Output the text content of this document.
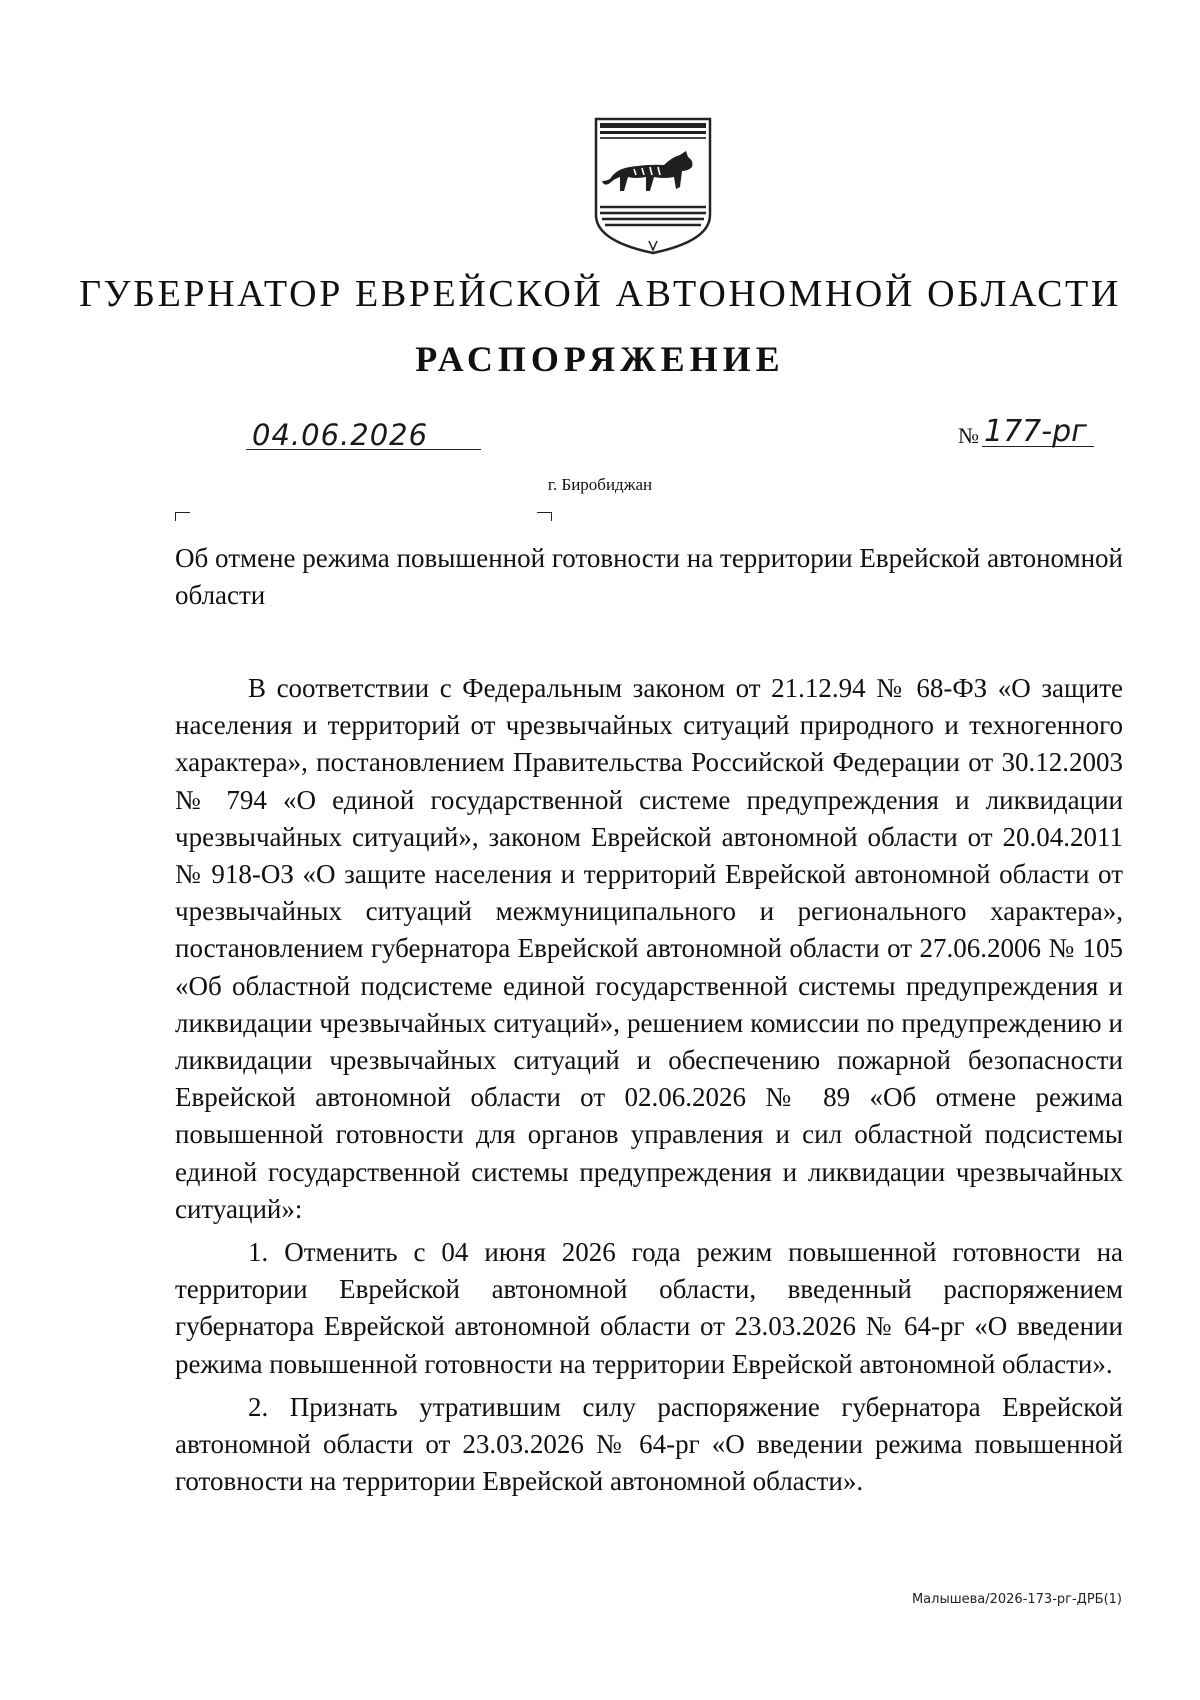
ГУБЕРНАТОР ЕВРЕЙСКОЙ АВТОНОМНОЙ ОБЛАСТИ
РАСПОРЯЖЕНИЕ
04.06.2026	№ 177-рг
г. Биробиджан
Об отмене режима повышенной готовности на территории Еврейской автономной области

В соответствии с Федеральным законом от 21.12.94 № 68-ФЗ «О защите населения и территорий от чрезвычайных ситуаций природного и техногенного характера», постановлением Правительства Российской Федерации от 30.12.2003 № 794 «О единой государственной системе предупреждения и ликвидации чрезвычайных ситуаций», законом Еврейской автономной области от 20.04.2011 № 918-ОЗ «О защите населения и территорий Еврейской автономной области от чрезвычайных ситуаций межмуниципального и регионального характера», постановлением губернатора Еврейской автономной области от 27.06.2006 № 105 «Об областной подсистеме единой государственной системы предупреждения и ликвидации чрезвычайных ситуаций», решением комиссии по предупреждению и ликвидации чрезвычайных ситуаций и обеспечению пожарной безопасности Еврейской автономной области от 02.06.2026 № 89 «Об отмене режима повышенной готовности для органов управления и сил областной подсистемы единой государственной системы предупреждения и ликвидации чрезвычайных ситуаций»:

1. Отменить с 04 июня 2026 года режим повышенной готовности на территории Еврейской автономной области, введенный распоряжением губернатора Еврейской автономной области от 23.03.2026 № 64-рг «О введении режима повышенной готовности на территории Еврейской автономной области».

2. Признать утратившим силу распоряжение губернатора Еврейской автономной области от 23.03.2026 № 64-рг «О введении режима повышенной готовности на территории Еврейской автономной области».

Малышева/2026-173-рг-ДРБ(1)
